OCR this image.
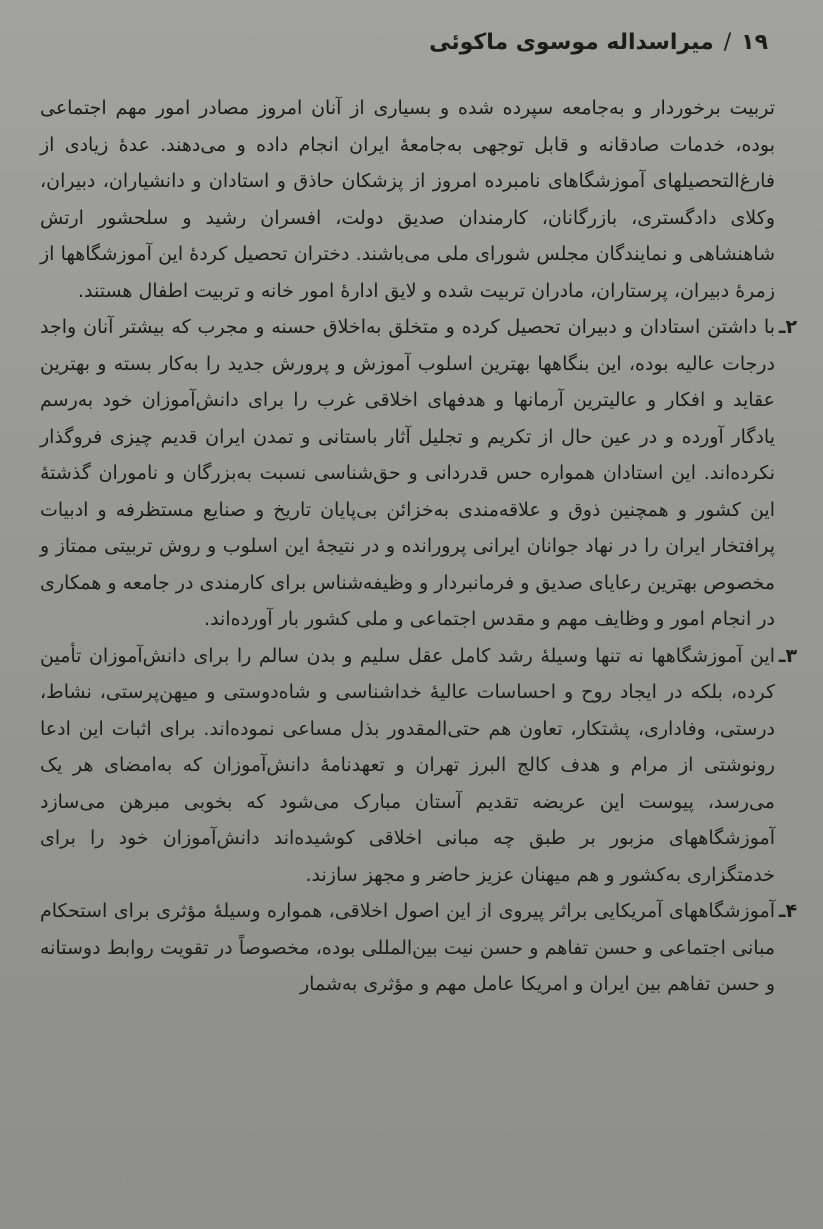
۱۹
/
میراسداله موسوی ماکوئی

تربیت برخوردار و به‌جامعه سپرده شده و بسیاری از آنان امروز مصادر امور مهم اجتماعی بوده، خدمات صادقانه و قابل توجهی به‌جامعهٔ ایران انجام داده و می‌دهند. عدهٔ زیادی از فارغ‌التحصیلهای آموزشگاهای نامبرده امروز از پزشکان حاذق و استادان و دانشیاران، دبیران، وکلای دادگستری، بازرگانان، کارمندان صدیق دولت، افسران رشید و سلحشور ارتش شاهنشاهی و نمایندگان مجلس شورای ملی می‌باشند. دختران تحصیل کردهٔ این آموزشگاهها از زمرهٔ دبیران، پرستاران، مادران تربیت شده و لایق ادارهٔ امور خانه و تربیت اطفال هستند.

۲ـ
با داشتن استادان و دبیران تحصیل کرده و متخلق به‌اخلاق حسنه و مجرب که بیشتر آنان واجد درجات عالیه بوده، این بنگاهها بهترین اسلوب آموزش و پرورش جدید را به‌کار بسته و بهترین عقاید و افکار و عالیترین آرمانها و هدفهای اخلاقی غرب را برای دانش‌آموزان خود به‌رسم یادگار آورده و در عین حال از تکریم و تجلیل آثار باستانی و تمدن ایران قدیم چیزی فروگذار نکرده‌اند. این استادان همواره حس قدردانی و حق‌شناسی نسبت به‌بزرگان و ناموران گذشتهٔ این کشور و همچنین ذوق و علاقه‌مندی به‌خزائن بی‌پایان تاریخ و صنایع مستظرفه و ادبیات پرافتخار ایران را در نهاد جوانان ایرانی پرورانده و در نتیجهٔ این اسلوب و روش تربیتی ممتاز و مخصوص بهترین رعایای صدیق و فرمانبردار و وظیفه‌شناس برای کارمندی در جامعه و همکاری در انجام امور و وظایف مهم و مقدس اجتماعی و ملی کشور بار آورده‌اند.

۳ـ
این آموزشگاهها نه تنها وسیلهٔ رشد کامل عقل سلیم و بدن سالم را برای دانش‌آموزان تأمین کرده، بلکه در ایجاد روح و احساسات عالیهٔ خداشناسی و شاه‌دوستی و میهن‌پرستی، نشاط، درستی، وفاداری، پشتکار، تعاون هم حتی‌المقدور بذل مساعی نموده‌اند. برای اثبات این ادعا رونوشتی از مرام و هدف کالج البرز تهران و تعهدنامهٔ دانش‌آموزان که به‌امضای هر یک می‌رسد، پیوست این عریضه تقدیم آستان مبارک می‌شود که بخوبی مبرهن می‌سازد آموزشگاههای مزبور بر طبق چه مبانی اخلاقی کوشیده‌اند دانش‌آموزان خود را برای خدمتگزاری به‌کشور و هم میهنان عزیز حاضر و مجهز سازند.

۴ـ
آموزشگاههای آمریکایی براثر پیروی از این اصول اخلاقی، همواره وسیلهٔ مؤثری برای استحکام مبانی اجتماعی و حسن تفاهم و حسن نیت بین‌المللی بوده، مخصوصاً در تقویت روابط دوستانه و حسن تفاهم بین ایران و امریکا عامل مهم و مؤثری به‌شمار
